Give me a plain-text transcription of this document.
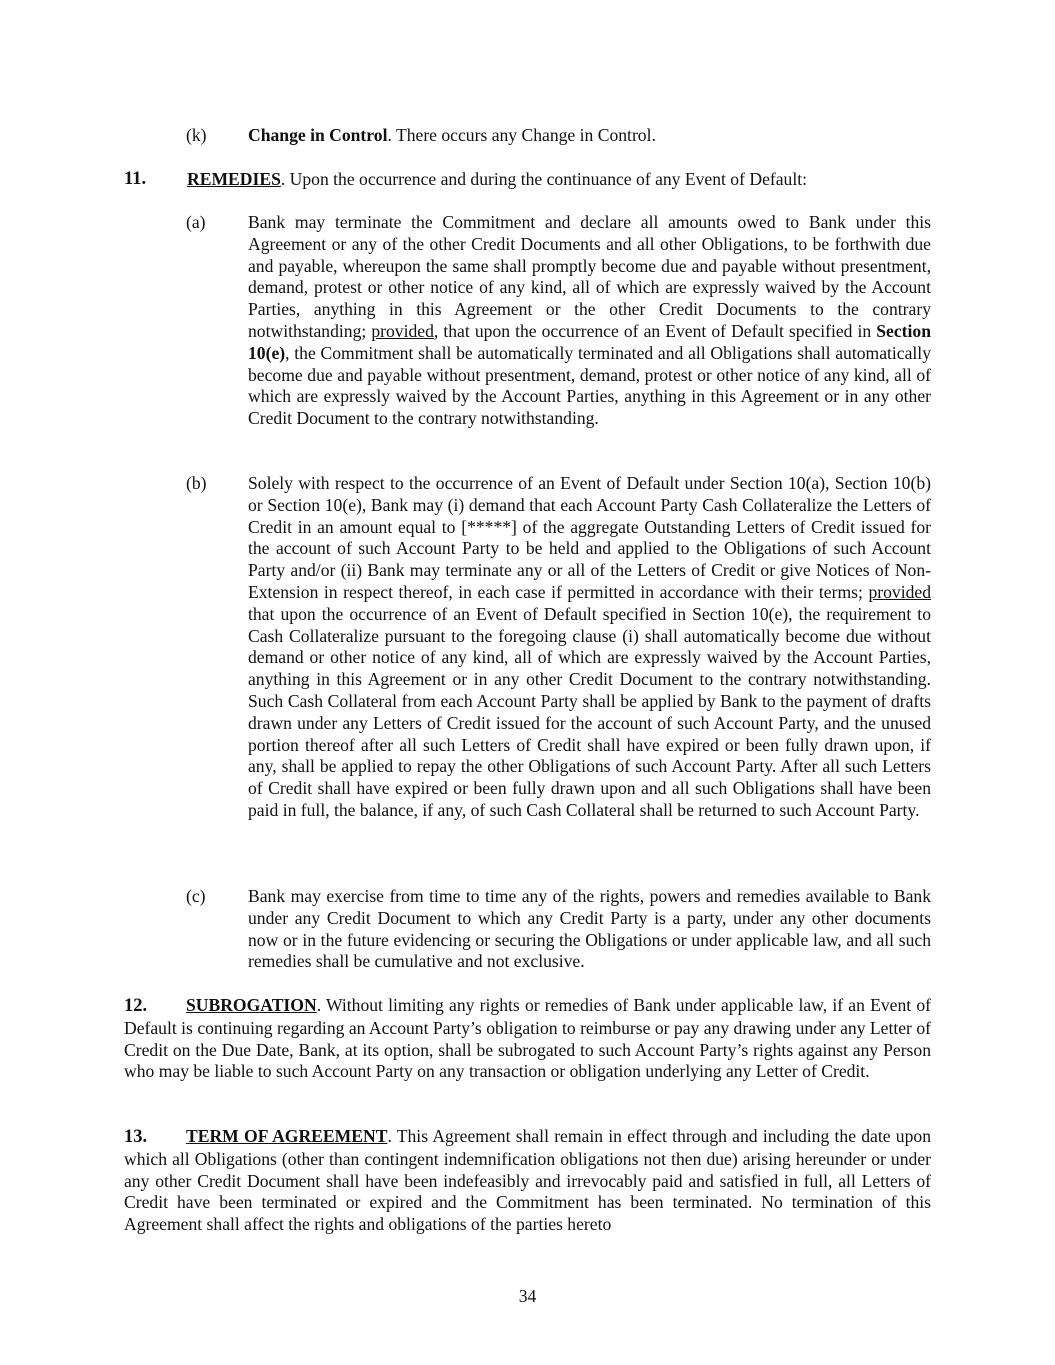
(k) Change in Control. There occurs any Change in Control.
11. REMEDIES. Upon the occurrence and during the continuance of any Event of Default:
(a) Bank may terminate the Commitment and declare all amounts owed to Bank under this Agreement or any of the other Credit Documents and all other Obligations, to be forthwith due and payable, whereupon the same shall promptly become due and payable without presentment, demand, protest or other notice of any kind, all of which are expressly waived by the Account Parties, anything in this Agreement or the other Credit Documents to the contrary notwithstanding; provided, that upon the occurrence of an Event of Default specified in Section 10(e), the Commitment shall be automatically terminated and all Obligations shall automatically become due and payable without presentment, demand, protest or other notice of any kind, all of which are expressly waived by the Account Parties, anything in this Agreement or in any other Credit Document to the contrary notwithstanding.
(b) Solely with respect to the occurrence of an Event of Default under Section 10(a), Section 10(b) or Section 10(e), Bank may (i) demand that each Account Party Cash Collateralize the Letters of Credit in an amount equal to [*****] of the aggregate Outstanding Letters of Credit issued for the account of such Account Party to be held and applied to the Obligations of such Account Party and/or (ii) Bank may terminate any or all of the Letters of Credit or give Notices of Non-Extension in respect thereof, in each case if permitted in accordance with their terms; provided that upon the occurrence of an Event of Default specified in Section 10(e), the requirement to Cash Collateralize pursuant to the foregoing clause (i) shall automatically become due without demand or other notice of any kind, all of which are expressly waived by the Account Parties, anything in this Agreement or in any other Credit Document to the contrary notwithstanding. Such Cash Collateral from each Account Party shall be applied by Bank to the payment of drafts drawn under any Letters of Credit issued for the account of such Account Party, and the unused portion thereof after all such Letters of Credit shall have expired or been fully drawn upon, if any, shall be applied to repay the other Obligations of such Account Party. After all such Letters of Credit shall have expired or been fully drawn upon and all such Obligations shall have been paid in full, the balance, if any, of such Cash Collateral shall be returned to such Account Party.
(c) Bank may exercise from time to time any of the rights, powers and remedies available to Bank under any Credit Document to which any Credit Party is a party, under any other documents now or in the future evidencing or securing the Obligations or under applicable law, and all such remedies shall be cumulative and not exclusive.
12. SUBROGATION. Without limiting any rights or remedies of Bank under applicable law, if an Event of Default is continuing regarding an Account Party’s obligation to reimburse or pay any drawing under any Letter of Credit on the Due Date, Bank, at its option, shall be subrogated to such Account Party’s rights against any Person who may be liable to such Account Party on any transaction or obligation underlying any Letter of Credit.
13. TERM OF AGREEMENT. This Agreement shall remain in effect through and including the date upon which all Obligations (other than contingent indemnification obligations not then due) arising hereunder or under any other Credit Document shall have been indefeasibly and irrevocably paid and satisfied in full, all Letters of Credit have been terminated or expired and the Commitment has been terminated. No termination of this Agreement shall affect the rights and obligations of the parties hereto
34
